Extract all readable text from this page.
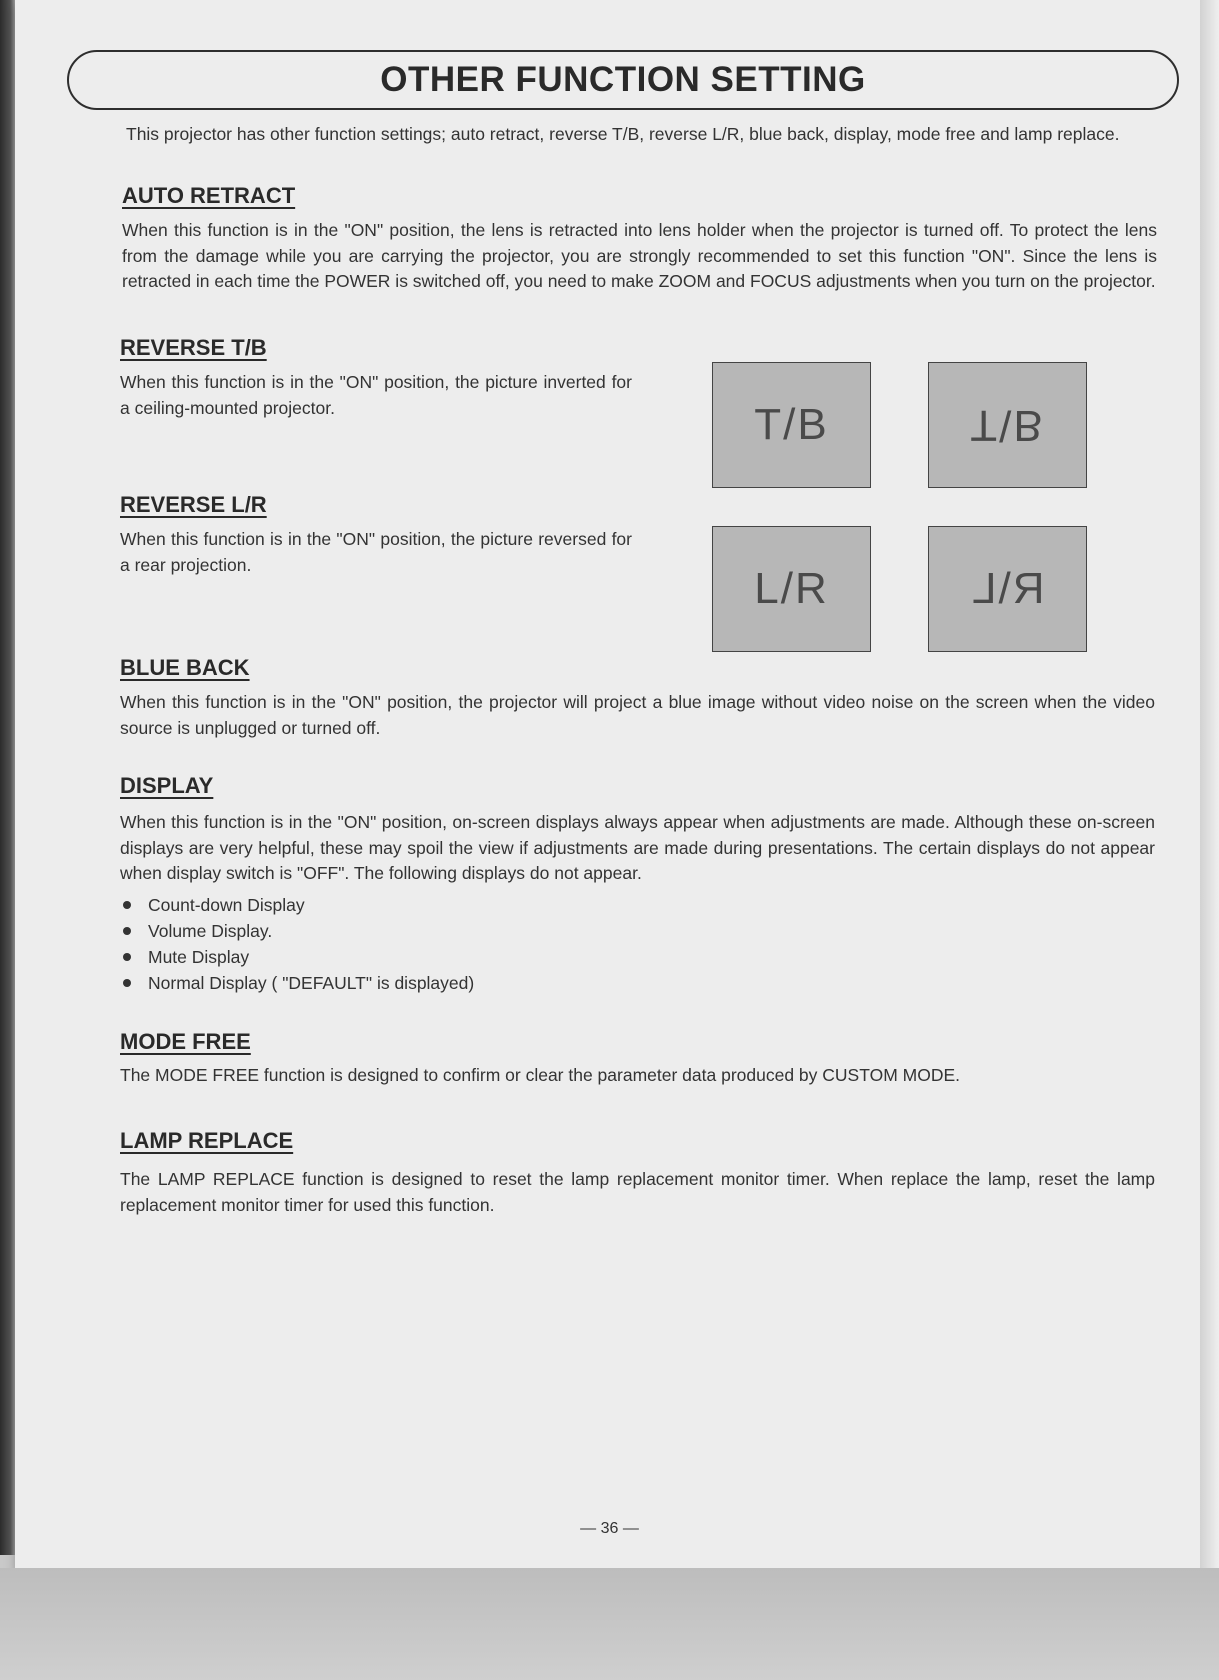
OTHER FUNCTION SETTING

This projector has other function settings; auto retract, reverse T/B, reverse L/R, blue back, display, mode free and lamp replace.

AUTO RETRACT

When this function is in the "ON" position, the lens is retracted into lens holder when the projector is turned off. To protect the lens from the damage while you are carrying the projector, you are strongly recommended to set this function "ON". Since the lens is retracted in each time the POWER is switched off, you need to make ZOOM and FOCUS adjustments when you turn on the projector.

REVERSE T/B

When this function is in the "ON" position, the picture inverted for a ceiling-mounted projector.

REVERSE L/R

When this function is in the "ON" position, the picture reversed for a rear projection.

T/B	T\B
L/R	R\L
BLUE BACK

When this function is in the "ON" position, the projector will project a blue image without video noise on the screen when the video source is unplugged or turned off.

DISPLAY

When this function is in the "ON" position, on-screen displays always appear when adjustments are made. Although these on-screen displays are very helpful, these may spoil the view if adjustments are made during presentations. The certain displays do not appear when display switch is "OFF". The following displays do not appear.

Count-down Display
Volume Display.
Mute Display
Normal Display ( "DEFAULT" is displayed)
MODE FREE

The MODE FREE function is designed to confirm or clear the parameter data produced by CUSTOM MODE.

LAMP REPLACE

The LAMP REPLACE function is designed to reset the lamp replacement monitor timer. When replace the lamp, reset the lamp replacement monitor timer for used this function.

— 36 —
